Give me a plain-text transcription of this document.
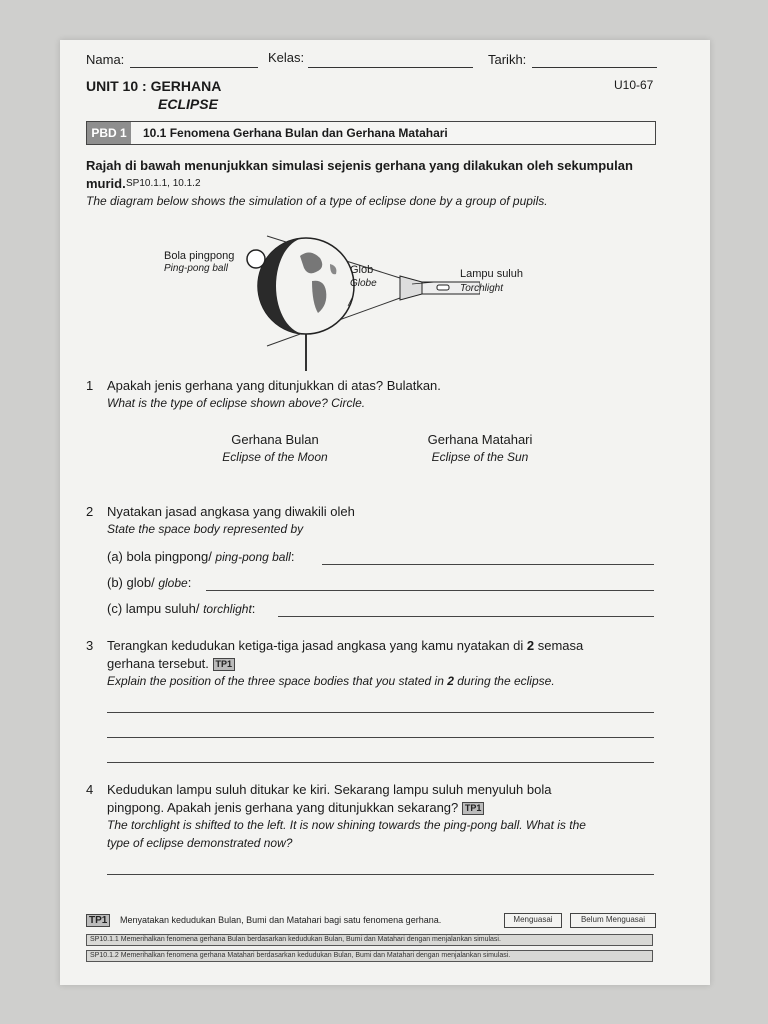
Nama:	Kelas:	Tarikh:
UNIT 10 : GERHANA
ECLIPSE
U10-67
PBD 1	10.1 Fenomena Gerhana Bulan dan Gerhana Matahari
Rajah di bawah menunjukkan simulasi sejenis gerhana yang dilakukan oleh sekumpulan
murid. SP10.1.1, 10.1.2
The diagram below shows the simulation of a type of eclipse done by a group of pupils.
Bola pingpong
Ping-pong ball	Glob
Globe
Lampu suluh
Torchlight
1 Apakah jenis gerhana yang ditunjukkan di atas? Bulatkan.
What is the type of eclipse shown above? Circle.
Gerhana Bulan
Eclipse of the Moon
Gerhana Matahari
Eclipse of the Sun
2 Nyatakan jasad angkasa yang diwakili oleh
State the space body represented by
(a) bola pingpong/ ping-pong ball:
(b) glob/ globe:
(c) lampu suluh/ torchlight:
3 Terangkan kedudukan ketiga-tiga jasad angkasa yang kamu nyatakan di 2 semasa
gerhana tersebut. TP1
Explain the position of the three space bodies that you stated in 2 during the eclipse.
4 Kedudukan lampu suluh ditukar ke kiri. Sekarang lampu suluh menyuluh bola
pingpong. Apakah jenis gerhana yang ditunjukkan sekarang? TP1
The torchlight is shifted to the left. It is now shining towards the ping-pong ball. What is the
type of eclipse demonstrated now?
TP1	Menyatakan kedudukan Bulan, Bumi dan Matahari bagi satu fenomena gerhana.	Menguasai	Belum Menguasai
SP10.1.1 Memerihalkan fenomena gerhana Bulan berdasarkan kedudukan Bulan, Bumi dan Matahari dengan menjalankan simulasi.
SP10.1.2 Memerihalkan fenomena gerhana Matahari berdasarkan kedudukan Bulan, Bumi dan Matahari dengan menjalankan simulasi.
